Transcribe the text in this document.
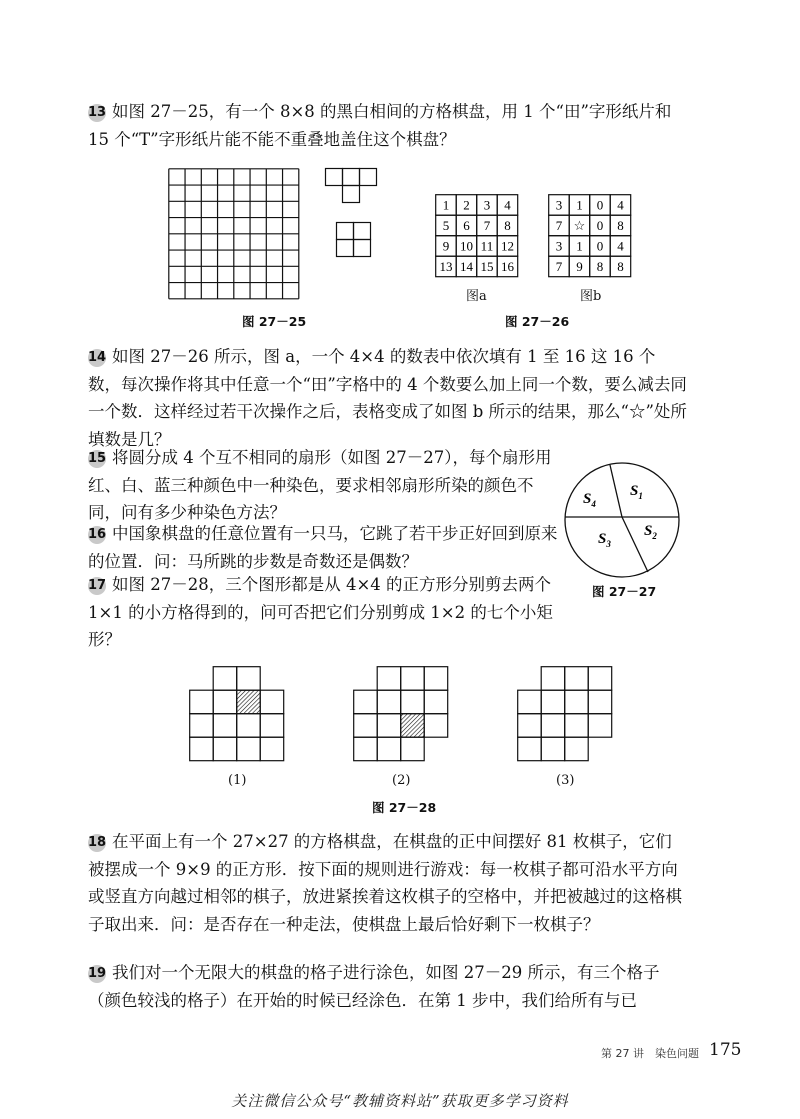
13 如图 27－25，有一个 8×8 的黑白相间的方格棋盘，用 1 个“田”字形纸片和 15 个“T”字形纸片能不能不重叠地盖住这个棋盘？

图 27－25
1 2 3 4
5 6 7 8
9 10 11 12
13 14 15 16
3 1 0 4
7 ☆ 0 8
3 1 0 4
7 9 8 8
图a	图b
图 27－26

14 如图 27－26 所示，图 a，一个 4×4 的数表中依次填有 1 至 16 这 16 个数，每次操作将其中任意一个“田”字格中的 4 个数要么加上同一个数，要么减去同一个数．这样经过若干次操作之后，表格变成了如图 b 所示的结果，那么“☆”处所填数是几？

15 将圆分成 4 个互不相同的扇形（如图 27－27），每个扇形用红、白、蓝三种颜色中一种染色，要求相邻扇形所染的颜色不同，问有多少种染色方法？

$S_4$
$S_1$
$S_2$
$S_3$
图 27－27

16 中国象棋盘的任意位置有一只马，它跳了若干步正好回到原来的位置．问：马所跳的步数是奇数还是偶数？

17 如图 27－28，三个图形都是从 4×4 的正方形分别剪去两个 1×1 的小方格得到的，问可否把它们分别剪成 1×2 的七个小矩形？

(1)	(2)	(3)
图 27－28

18 在平面上有一个 27×27 的方格棋盘，在棋盘的正中间摆好 81 枚棋子，它们被摆成一个 9×9 的正方形．按下面的规则进行游戏：每一枚棋子都可沿水平方向或竖直方向越过相邻的棋子，放进紧挨着这枚棋子的空格中，并把被越过的这格棋子取出来．问：是否存在一种走法，使棋盘上最后恰好剩下一枚棋子？

19 我们对一个无限大的棋盘的格子进行涂色，如图 27－29 所示，有三个格子（颜色较浅的格子）在开始的时候已经涂色．在第 1 步中，我们给所有与已

第 27 讲　染色问题 175
关注微信公众号“教辅资料站”获取更多学习资料
